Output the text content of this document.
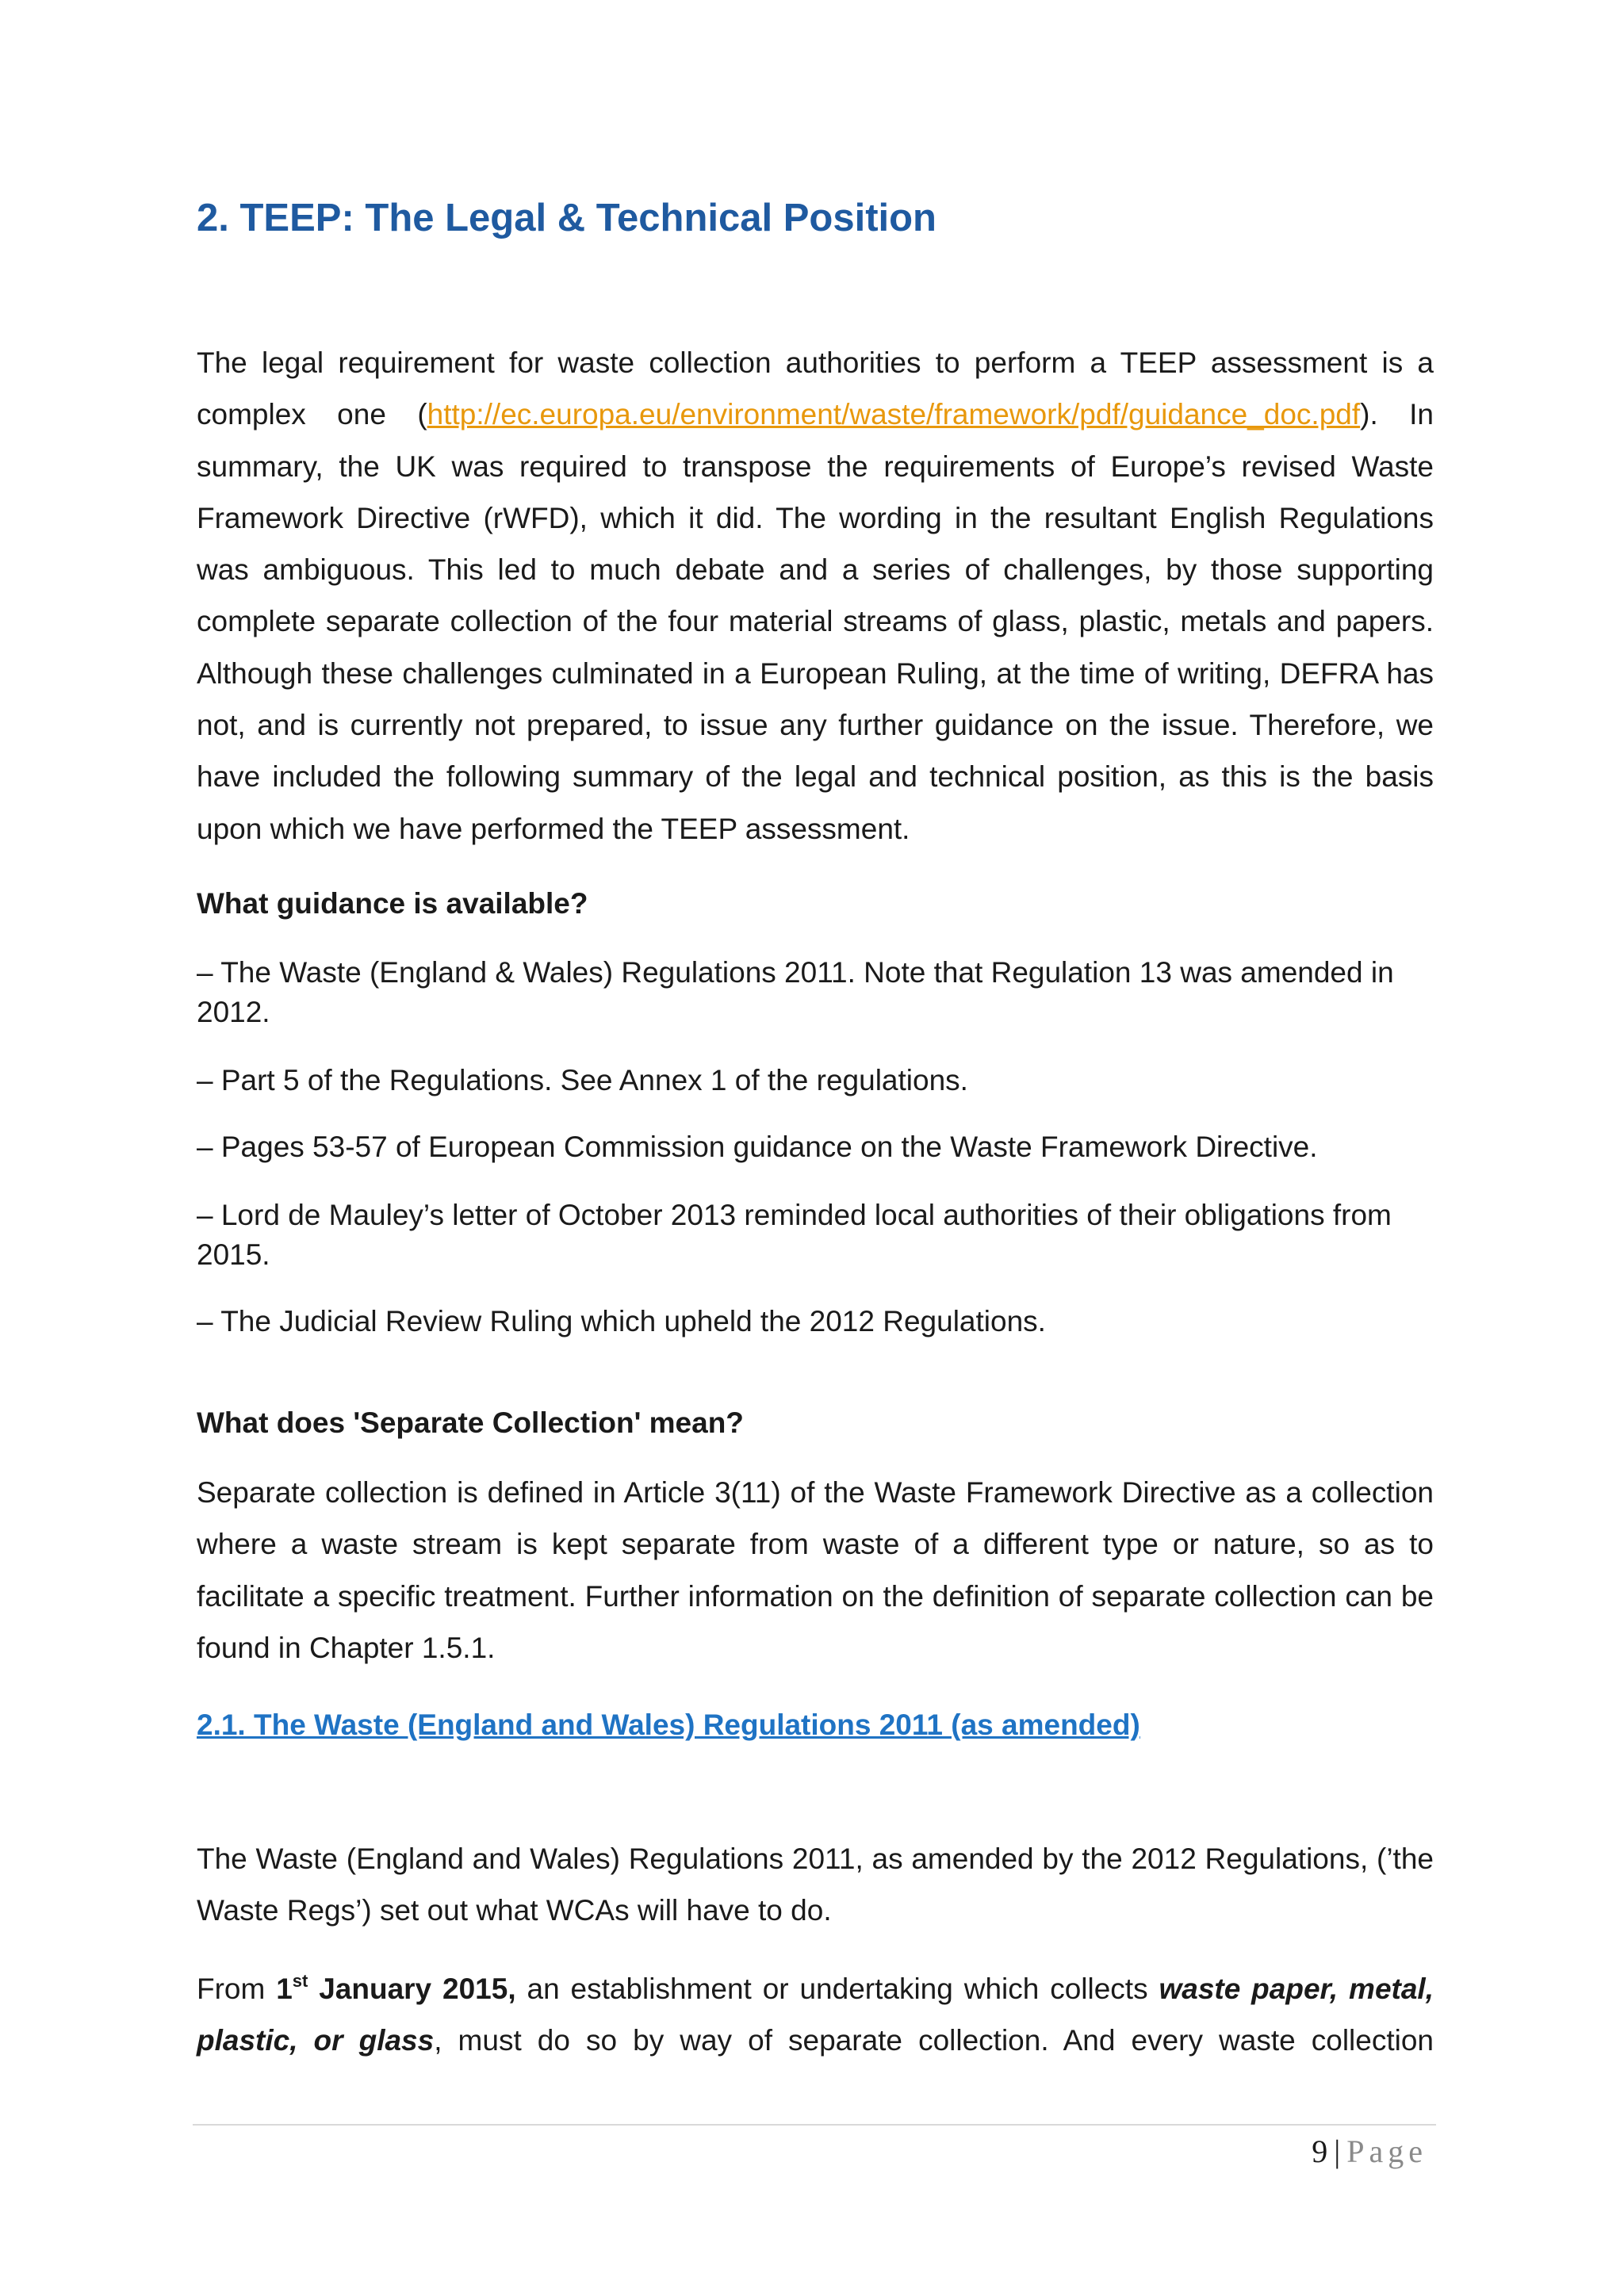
2. TEEP: The Legal & Technical Position

The legal requirement for waste collection authorities to perform a TEEP assessment is a complex one (http://ec.europa.eu/environment/waste/framework/pdf/guidance_doc.pdf). In summary, the UK was required to transpose the requirements of Europe’s revised Waste Framework Directive (rWFD), which it did. The wording in the resultant English Regulations was ambiguous. This led to much debate and a series of challenges, by those supporting complete separate collection of the four material streams of glass, plastic, metals and papers. Although these challenges culminated in a European Ruling, at the time of writing, DEFRA has not, and is currently not prepared, to issue any further guidance on the issue. Therefore, we have included the following summary of the legal and technical position, as this is the basis upon which we have performed the TEEP assessment.

What guidance is available?

– The Waste (England & Wales) Regulations 2011. Note that Regulation 13 was amended in 2012.

– Part 5 of the Regulations. See Annex 1 of the regulations.

– Pages 53-57 of European Commission guidance on the Waste Framework Directive.

– Lord de Mauley’s letter of October 2013 reminded local authorities of their obligations from 2015.

– The Judicial Review Ruling which upheld the 2012 Regulations.

What does 'Separate Collection' mean?

Separate collection is defined in Article 3(11) of the Waste Framework Directive as a collection where a waste stream is kept separate from waste of a different type or nature, so as to facilitate a specific treatment. Further information on the definition of separate collection can be found in Chapter 1.5.1.

2.1. The Waste (England and Wales) Regulations 2011 (as amended)

The Waste (England and Wales) Regulations 2011, as amended by the 2012 Regulations, (’the Waste Regs’) set out what WCAs will have to do.

From 1st January 2015, an establishment or undertaking which collects waste paper, metal, plastic, or glass, must do so by way of separate collection. And every waste collection

9 | Page
